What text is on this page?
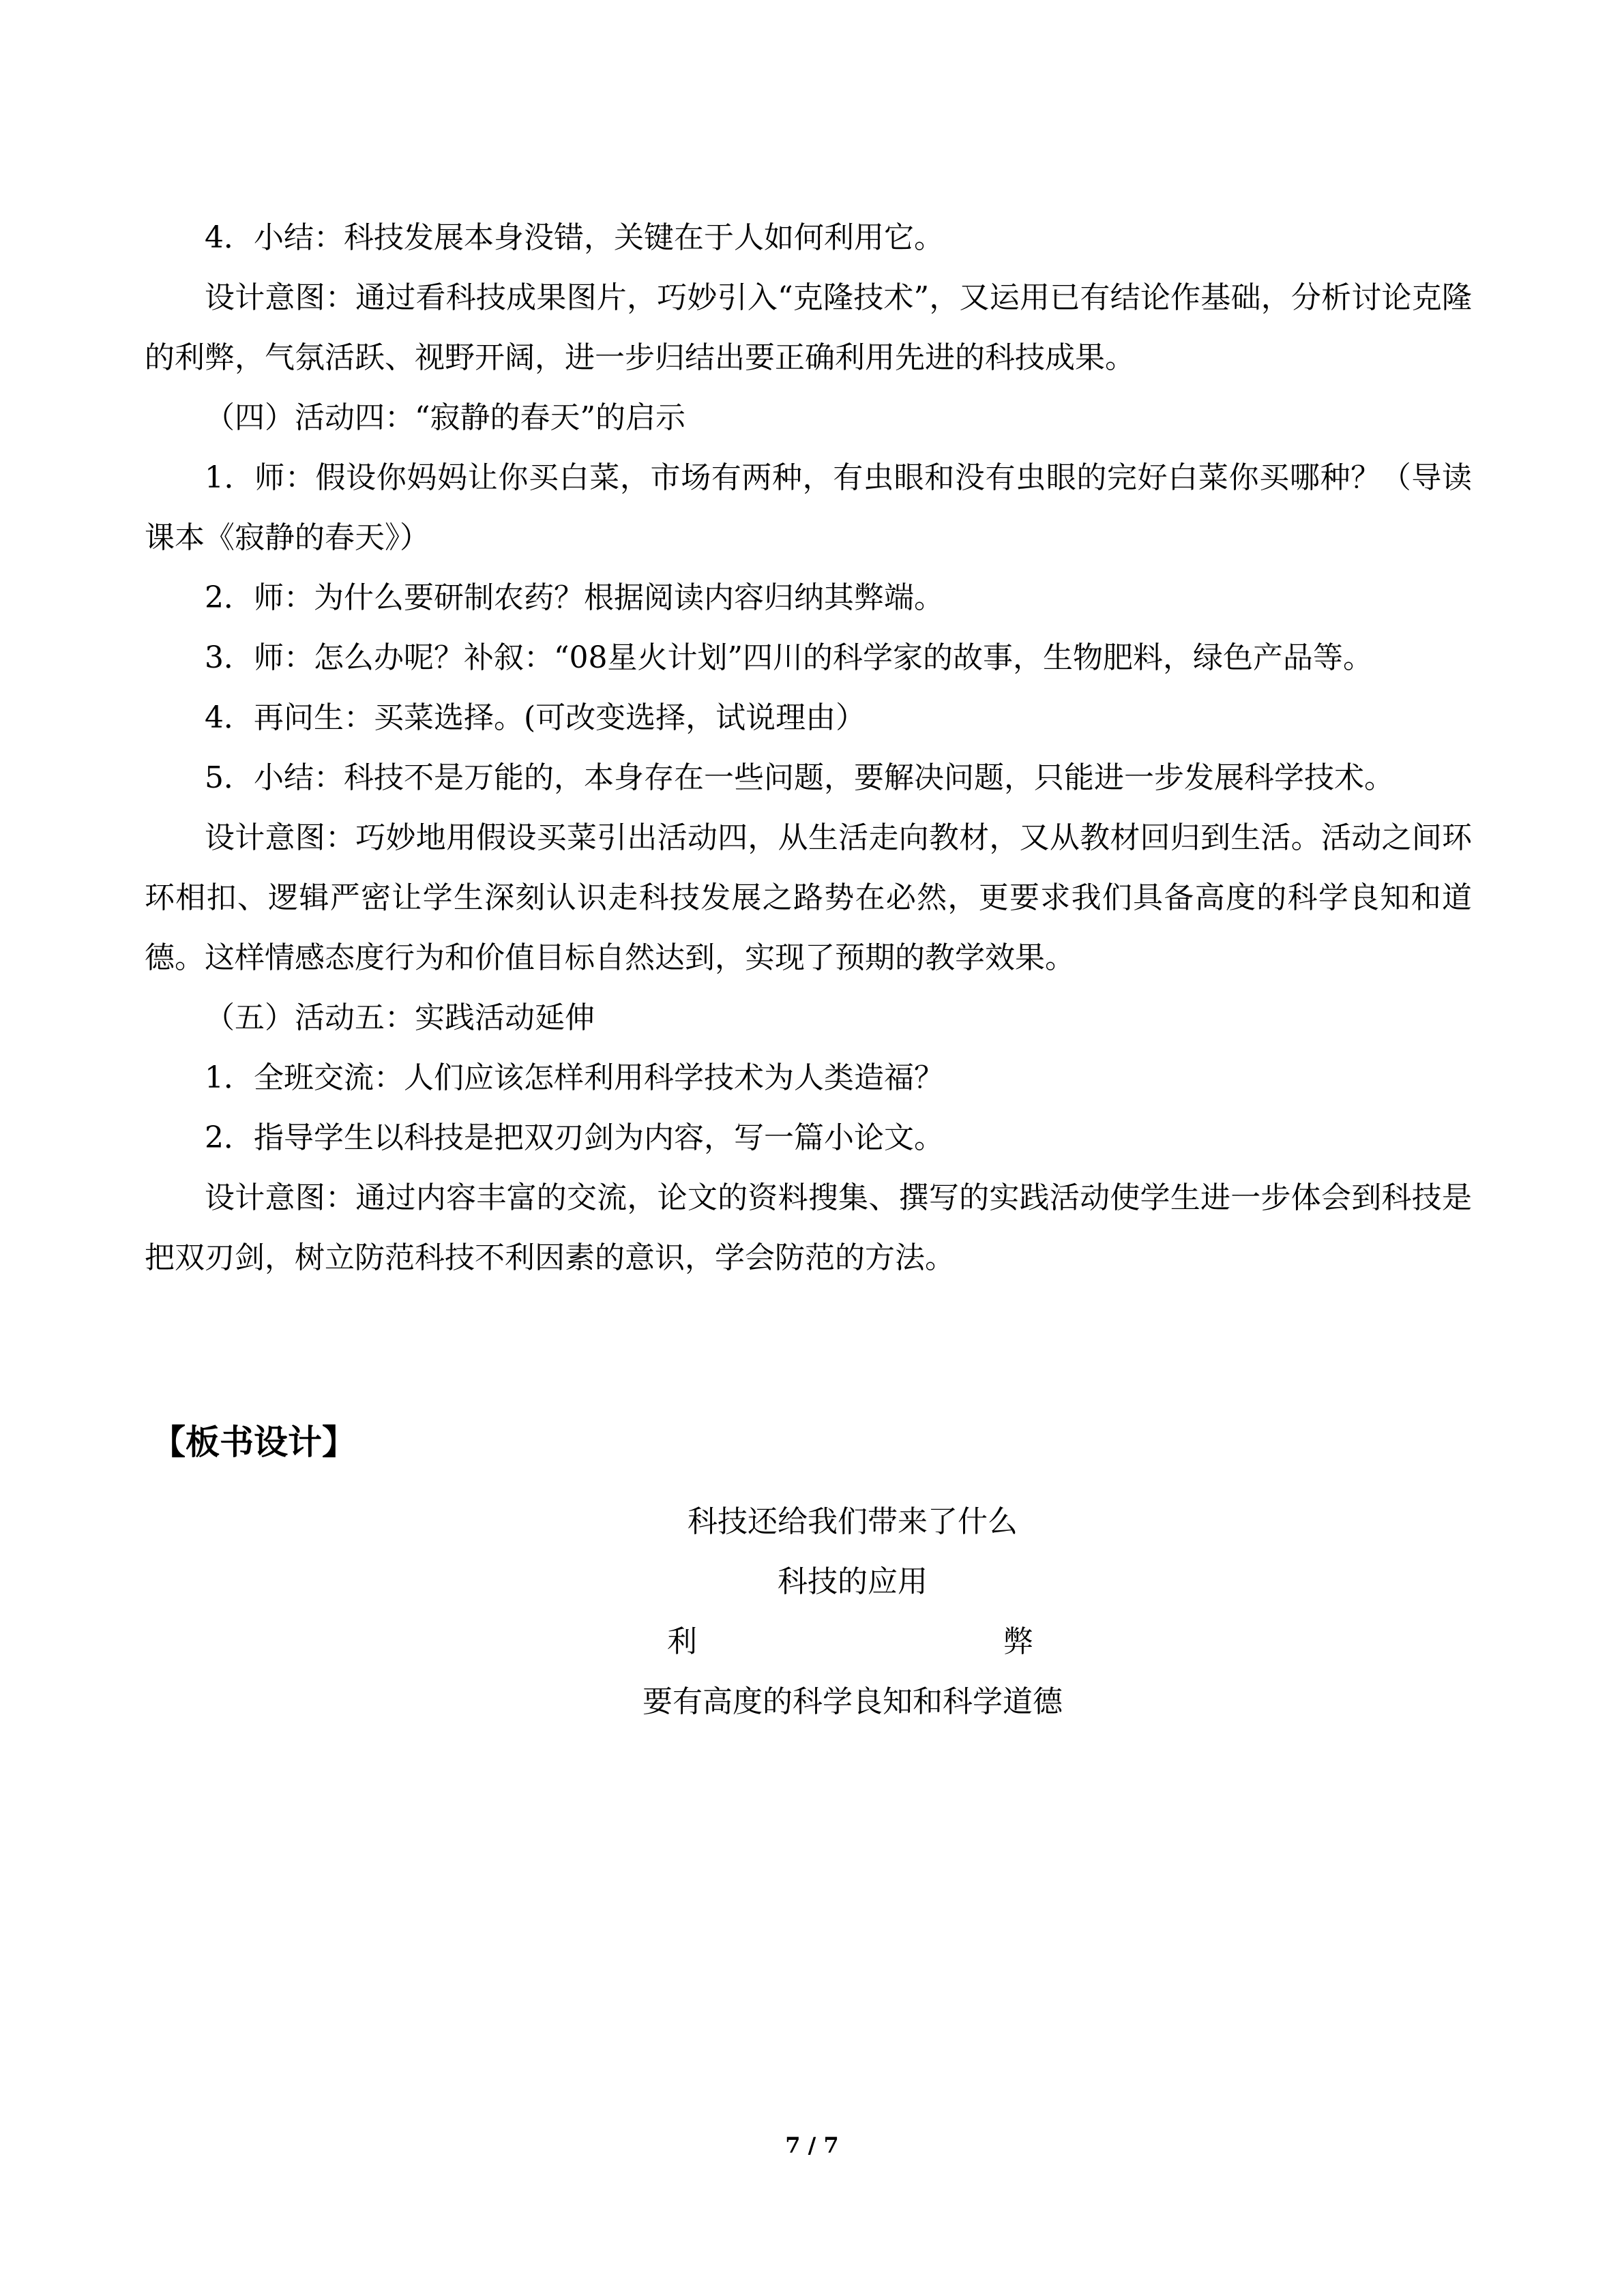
4．小结：科技发展本身没错，关键在于人如何利用它。

设计意图：通过看科技成果图片，巧妙引入“克隆技术”，又运用已有结论作基础，分析讨论克隆的利弊，气氛活跃、视野开阔，进一步归结出要正确利用先进的科技成果。

（四）活动四：“寂静的春天”的启示

1．师：假设你妈妈让你买白菜，市场有两种，有虫眼和没有虫眼的完好白菜你买哪种？（导读课本《寂静的春天》）

2．师：为什么要研制农药？根据阅读内容归纳其弊端。

3．师：怎么办呢？补叙：“08星火计划”四川的科学家的故事，生物肥料，绿色产品等。

4．再问生：买菜选择。(可改变选择，试说理由）

5．小结：科技不是万能的，本身存在一些问题，要解决问题，只能进一步发展科学技术。

设计意图：巧妙地用假设买菜引出活动四，从生活走向教材，又从教材回归到生活。活动之间环环相扣、逻辑严密让学生深刻认识走科技发展之路势在必然，更要求我们具备高度的科学良知和道德。这样情感态度行为和价值目标自然达到，实现了预期的教学效果。

（五）活动五：实践活动延伸

1．全班交流：人们应该怎样利用科学技术为人类造福？

2．指导学生以科技是把双刃剑为内容，写一篇小论文。

设计意图：通过内容丰富的交流，论文的资料搜集、撰写的实践活动使学生进一步体会到科技是把双刃剑，树立防范科技不利因素的意识，学会防范的方法。

【板书设计】
科技还给我们带来了什么
科技的应用
利	弊
要有高度的科学良知和科学道德
7 / 7
